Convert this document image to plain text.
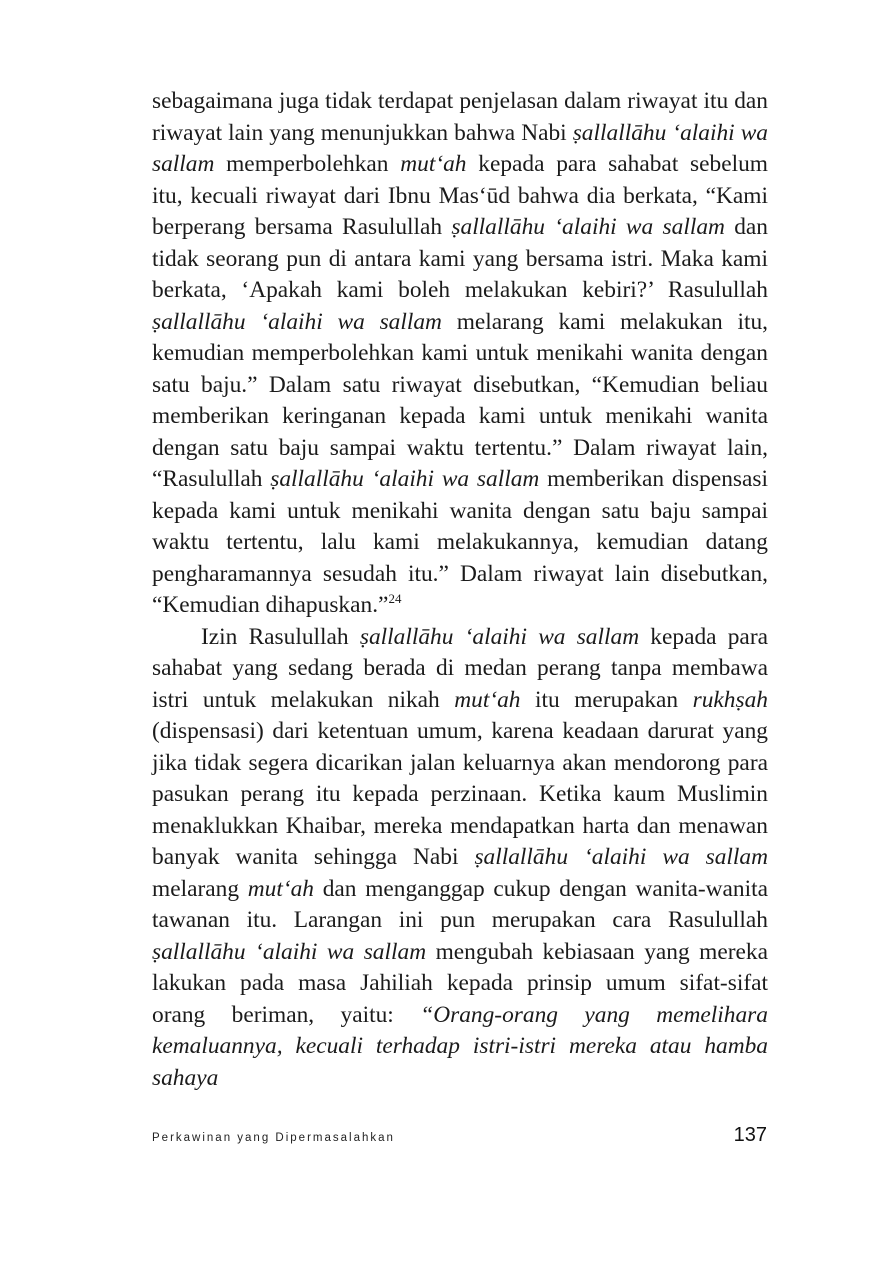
sebagaimana juga tidak terdapat penjelasan dalam riwayat itu dan riwayat lain yang menunjukkan bahwa Nabi ṣallallāhu ‘alaihi wa sallam memperbolehkan mut‘ah kepada para sahabat sebelum itu, kecuali riwayat dari Ibnu Mas‘ūd bahwa dia berkata, “Kami berperang bersama Rasulullah ṣallallāhu ‘alaihi wa sallam dan tidak seorang pun di antara kami yang bersama istri. Maka kami berkata, ‘Apakah kami boleh melakukan kebiri?’ Rasulullah ṣallallāhu ‘alaihi wa sallam melarang kami melakukan itu, kemudian memperbolehkan kami untuk menikahi wanita dengan satu baju.” Dalam satu riwayat disebutkan, “Kemudian beliau memberikan keringanan kepada kami untuk menikahi wanita dengan satu baju sampai waktu tertentu.” Dalam riwayat lain, “Rasulullah ṣallallāhu ‘alaihi wa sallam memberikan dispensasi kepada kami untuk menikahi wanita dengan satu baju sampai waktu tertentu, lalu kami melakukannya, kemudian datang pengharamannya sesudah itu.” Dalam riwayat lain disebutkan, “Kemudian dihapuskan.”$^{24}$

Izin Rasulullah ṣallallāhu ‘alaihi wa sallam kepada para sahabat yang sedang berada di medan perang tanpa membawa istri untuk melakukan nikah mut‘ah itu merupakan rukhṣah (dispensasi) dari ketentuan umum, karena keadaan darurat yang jika tidak segera dicarikan jalan keluarnya akan mendorong para pasukan perang itu kepada perzinaan. Ketika kaum Muslimin menaklukkan Khaibar, mereka mendapatkan harta dan menawan banyak wanita sehingga Nabi ṣallallāhu ‘alaihi wa sallam melarang mut‘ah dan menganggap cukup dengan wanita-wanita tawanan itu. Larangan ini pun merupakan cara Rasulullah ṣallallāhu ‘alaihi wa sallam mengubah kebiasaan yang mereka lakukan pada masa Jahiliah kepada prinsip umum sifat-sifat orang beriman, yaitu: “Orang-orang yang memelihara kemaluannya, kecuali terhadap istri-istri mereka atau hamba sahaya

Perkawinan yang Dipermasalahkan	137
